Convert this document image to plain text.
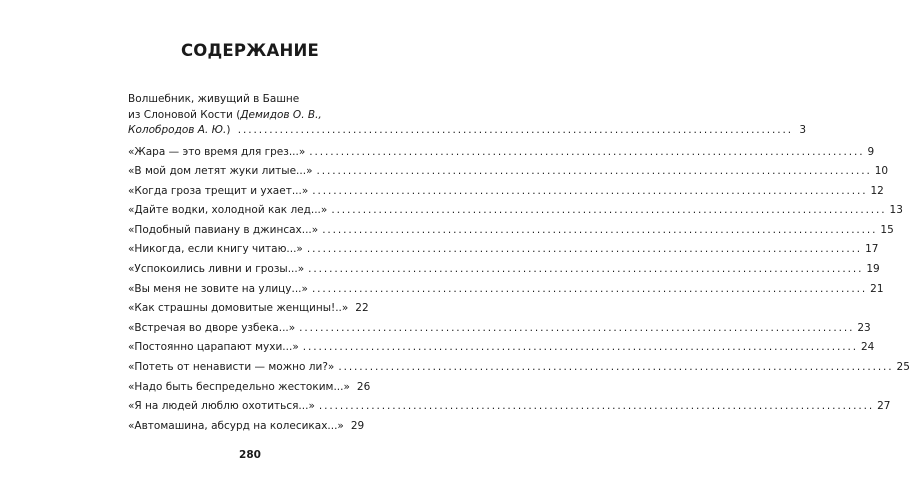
СОДЕРЖАНИЕ
Волшебник, живущий в Башне
из Слоновой Кости (Демидов О. В.,
Колобродов А. Ю.) .....	3
«Жара — это время для грез...» .....	9
«В мой дом летят жуки литые...» .....	10
«Когда гроза трещит и ухает...» .....	12
«Дайте водки, холодной как лед...» .....	13
«Подобный павиану в джинсах...» .....	15
«Никогда, если книгу читаю...» .....	17
«Успокоились ливни и грозы...» .....	19
«Вы меня не зовите на улицу...» .....	21
«Как страшны домовитые женщины!..» 22
«Встречая во дворе узбека...» .....	23
«Постоянно царапают мухи...» .....	24
«Потеть от ненависти — можно ли?» .....	25
«Надо быть беспредельно жестоким...» 26
«Я на людей люблю охотиться...» .....	27
«Автомашина, абсурд на колесиках...» 29

280
